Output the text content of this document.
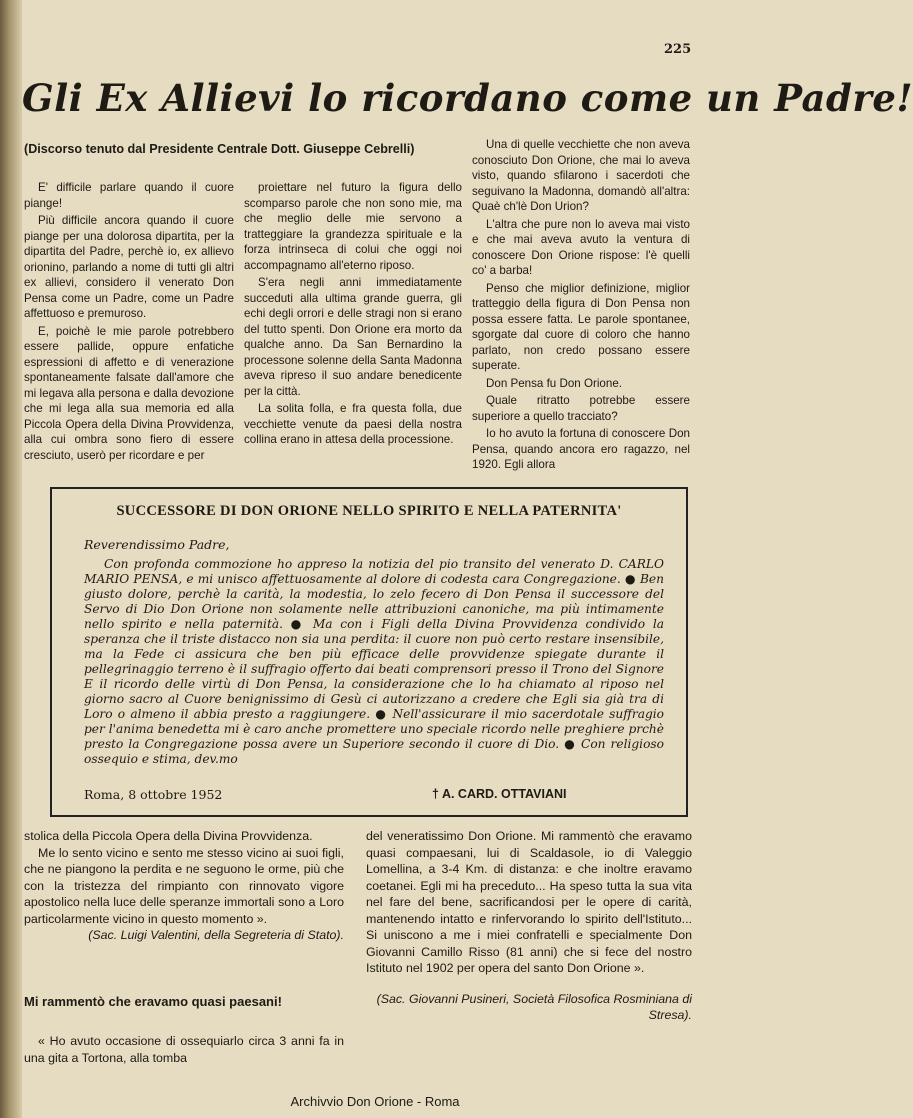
225
Gli Ex Allievi lo ricordano come un Padre!
(Discorso tenuto dal Presidente Centrale Dott. Giuseppe Cebrelli)

E' difficile parlare quando il cuore piange!

Più difficile ancora quando il cuore piange per una dolorosa dipartita, per la dipartita del Padre, perchè io, ex allievo orionino, parlando a nome di tutti gli altri ex allievi, considero il venerato Don Pensa come un Padre, come un Padre affettuoso e premuroso.

E, poichè le mie parole potrebbero essere pallide, oppure enfatiche espressioni di affetto e di venerazione spontaneamente falsate dall'amore che mi legava alla persona e dalla devozione che mi lega alla sua memoria ed alla Piccola Opera della Divina Provvidenza, alla cui ombra sono fiero di essere cresciuto, userò per ricordare e per

proiettare nel futuro la figura dello scomparso parole che non sono mie, ma che meglio delle mie servono a tratteggiare la grandezza spirituale e la forza intrinseca di colui che oggi noi accompagnamo all'eterno riposo.

S'era negli anni immediatamente succeduti alla ultima grande guerra, gli echi degli orrori e delle stragi non si erano del tutto spenti. Don Orione era morto da qualche anno. Da San Bernardino la processone solenne della Santa Madonna aveva ripreso il suo andare benedicente per la città.

La solita folla, e fra questa folla, due vecchiette venute da paesi della nostra collina erano in attesa della processione.

Una di quelle vecchiette che non aveva conosciuto Don Orione, che mai lo aveva visto, quando sfilarono i sacerdoti che seguivano la Madonna, domandò all'altra: Quaè ch'lè Don Urion?

L'altra che pure non lo aveva mai visto e che mai aveva avuto la ventura di conoscere Don Orione rispose: l'è quelli co' a barba!

Penso che miglior definizione, miglior tratteggio della figura di Don Pensa non possa essere fatta. Le parole spontanee, sgorgate dal cuore di coloro che hanno parlato, non credo possano essere superate.

Don Pensa fu Don Orione.

Quale ritratto potrebbe essere superiore a quello tracciato?

Io ho avuto la fortuna di conoscere Don Pensa, quando ancora ero ragazzo, nel 1920. Egli allora

SUCCESSORE DI DON ORIONE NELLO SPIRITO E NELLA PATERNITA'
Reverendissimo Padre,
Con profonda commozione ho appreso la notizia del pio transito del venerato D. CARLO MARIO PENSA, e mi unisco affettuosamente al dolore di codesta cara Congregazione. ● Ben giusto dolore, perchè la carità, la modestia, lo zelo fecero di Don Pensa il successore del Servo di Dio Don Orione non solamente nelle attribuzioni canoniche, ma più intimamente nello spirito e nella paternità. ● Ma con i Figli della Divina Provvidenza condivido la speranza che il triste distacco non sia una perdita: il cuore non può certo restare insensibile, ma la Fede ci assicura che ben più efficace delle provvidenze spiegate durante il pellegrinaggio terreno è il suffragio offerto dai beati comprensori presso il Trono del Signore E il ricordo delle virtù di Don Pensa, la considerazione che lo ha chiamato al riposo nel giorno sacro al Cuore benignissimo di Gesù ci autorizzano a credere che Egli sia già tra di Loro o almeno il abbia presto a raggiungere. ● Nell'assicurare il mio sacerdotale suffragio per l'anima benedetta mi è caro anche promettere uno speciale ricordo nelle preghiere prchè presto la Congregazione possa avere un Superiore secondo il cuore di Dio. ● Con religioso ossequio e stima, dev.mo
Roma, 8 ottobre 1952	† A. CARD. OTTAVIANI

stolica della Piccola Opera della Divina Provvidenza.

Me lo sento vicino e sento me stesso vicino ai suoi figli, che ne piangono la perdita e ne seguono le orme, più che con la tristezza del rimpianto con rinnovato vigore apostolico nella luce delle speranze immortali sono a Loro particolarmente vicino in questo momento ».

(Sac. Luigi Valentini, della Segreteria di Stato).

Mi rammentò che eravamo quasi paesani!
« Ho avuto occasione di ossequiarlo circa 3 anni fa in una gita a Tortona, alla tomba

del veneratissimo Don Orione. Mi rammentò che eravamo quasi compaesani, lui di Scaldasole, io di Valeggio Lomellina, a 3-4 Km. di distanza: e che inoltre eravamo coetanei. Egli mi ha preceduto... Ha speso tutta la sua vita nel fare del bene, sacrificandosi per le opere di carità, mantenendo intatto e rinfervorando lo spirito dell'Istituto... Si uniscono a me i miei confratelli e specialmente Don Giovanni Camillo Risso (81 anni) che si fece del nostro Istituto nel 1902 per opera del santo Don Orione ».

(Sac. Giovanni Pusineri, Società Filosofica Rosminiana di Stresa).

Archivvio Don Orione - Roma
